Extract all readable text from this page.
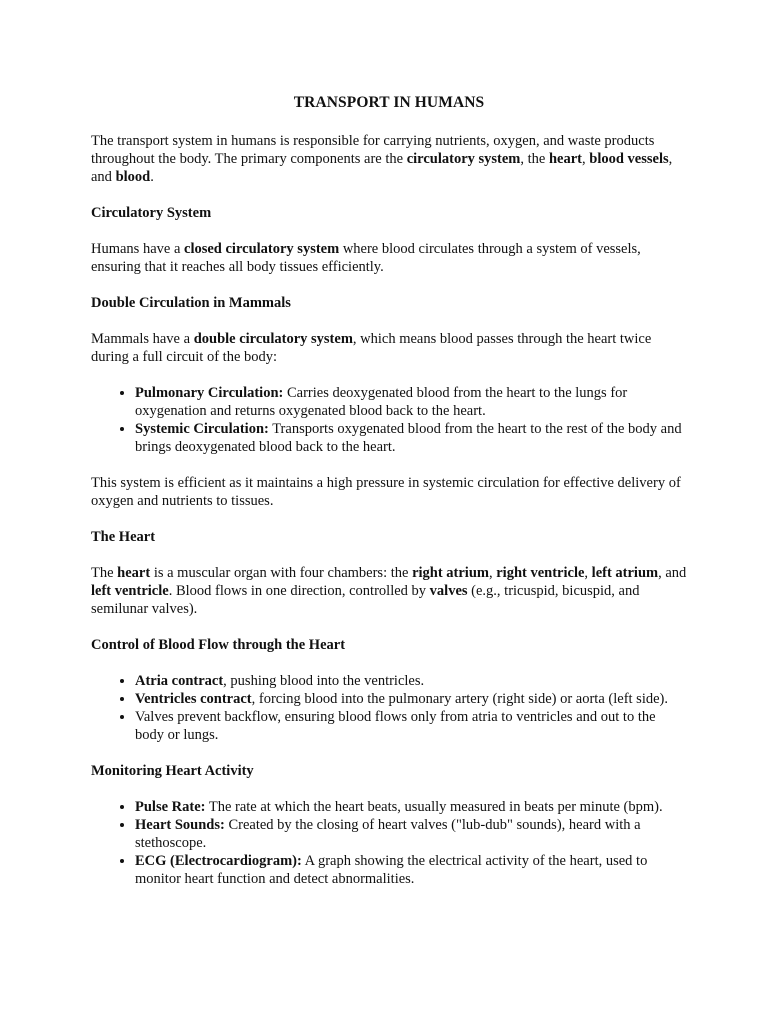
TRANSPORT IN HUMANS

The transport system in humans is responsible for carrying nutrients, oxygen, and waste products throughout the body. The primary components are the circulatory system, the heart, blood vessels, and blood.

Circulatory System

Humans have a closed circulatory system where blood circulates through a system of vessels, ensuring that it reaches all body tissues efficiently.

Double Circulation in Mammals

Mammals have a double circulatory system, which means blood passes through the heart twice during a full circuit of the body:

• Pulmonary Circulation: Carries deoxygenated blood from the heart to the lungs for oxygenation and returns oxygenated blood back to the heart.
• Systemic Circulation: Transports oxygenated blood from the heart to the rest of the body and brings deoxygenated blood back to the heart.

This system is efficient as it maintains a high pressure in systemic circulation for effective delivery of oxygen and nutrients to tissues.

The Heart

The heart is a muscular organ with four chambers: the right atrium, right ventricle, left atrium, and left ventricle. Blood flows in one direction, controlled by valves (e.g., tricuspid, bicuspid, and semilunar valves).

Control of Blood Flow through the Heart
• Atria contract, pushing blood into the ventricles.
• Ventricles contract, forcing blood into the pulmonary artery (right side) or aorta (left side).
• Valves prevent backflow, ensuring blood flows only from atria to ventricles and out to the body or lungs.
Monitoring Heart Activity
• Pulse Rate: The rate at which the heart beats, usually measured in beats per minute (bpm).
• Heart Sounds: Created by the closing of heart valves ("lub-dub" sounds), heard with a stethoscope.
• ECG (Electrocardiogram): A graph showing the electrical activity of the heart, used to monitor heart function and detect abnormalities.
